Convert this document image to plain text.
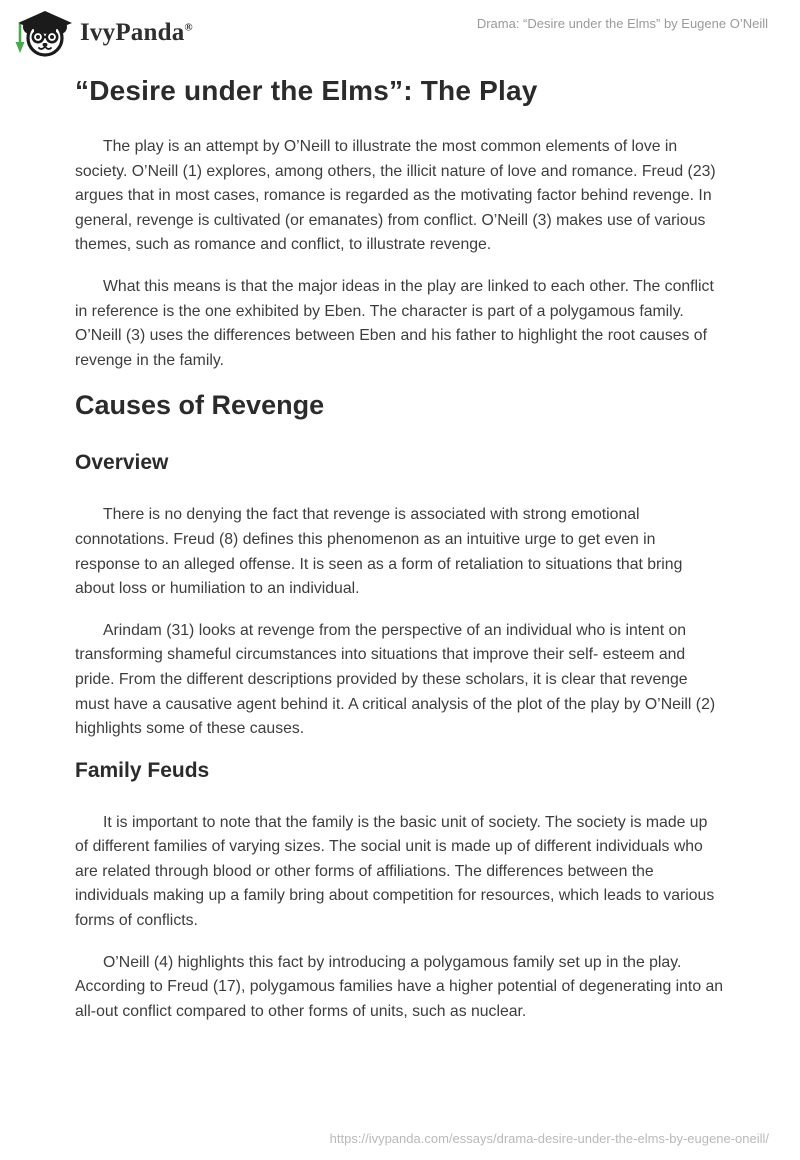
IvyPanda®	Drama: “Desire under the Elms” by Eugene O’Neill
“Desire under the Elms”: The Play

The play is an attempt by O’Neill to illustrate the most common elements of love in society. O’Neill (1) explores, among others, the illicit nature of love and romance. Freud (23) argues that in most cases, romance is regarded as the motivating factor behind revenge. In general, revenge is cultivated (or emanates) from conflict. O’Neill (3) makes use of various themes, such as romance and conflict, to illustrate revenge.

What this means is that the major ideas in the play are linked to each other. The conflict in reference is the one exhibited by Eben. The character is part of a polygamous family. O’Neill (3) uses the differences between Eben and his father to highlight the root causes of revenge in the family.

Causes of Revenge
Overview

There is no denying the fact that revenge is associated with strong emotional connotations. Freud (8) defines this phenomenon as an intuitive urge to get even in response to an alleged offense. It is seen as a form of retaliation to situations that bring about loss or humiliation to an individual.

Arindam (31) looks at revenge from the perspective of an individual who is intent on transforming shameful circumstances into situations that improve their self- esteem and pride. From the different descriptions provided by these scholars, it is clear that revenge must have a causative agent behind it. A critical analysis of the plot of the play by O’Neill (2) highlights some of these causes.

Family Feuds

It is important to note that the family is the basic unit of society. The society is made up of different families of varying sizes. The social unit is made up of different individuals who are related through blood or other forms of affiliations. The differences between the individuals making up a family bring about competition for resources, which leads to various forms of conflicts.

O’Neill (4) highlights this fact by introducing a polygamous family set up in the play. According to Freud (17), polygamous families have a higher potential of degenerating into an all-out conflict compared to other forms of units, such as nuclear.

https://ivypanda.com/essays/drama-desire-under-the-elms-by-eugene-oneill/
